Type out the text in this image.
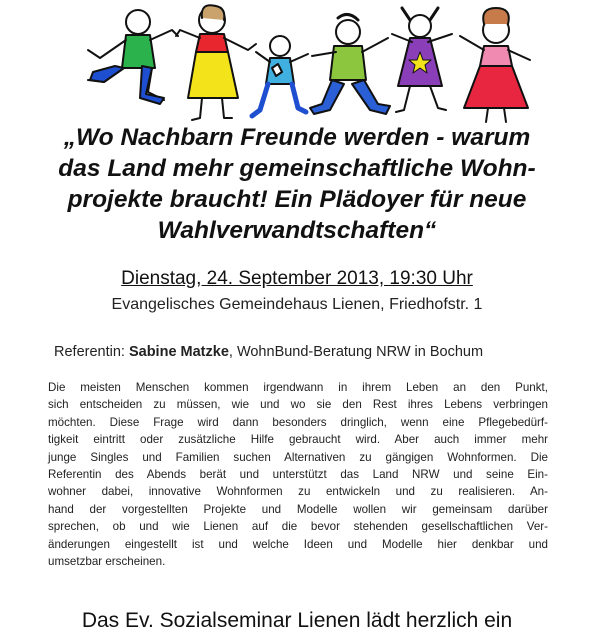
„Wo Nachbarn Freunde werden - warum
das Land mehr gemeinschaftliche Wohn-
projekte braucht! Ein Plädoyer für neue
Wahlverwandtschaften“
Dienstag, 24. September 2013, 19:30 Uhr
Evangelisches Gemeindehaus Lienen, Friedhofstr. 1
Referentin: Sabine Matzke, WohnBund-Beratung NRW in Bochum
Die meisten Menschen kommen irgendwann in ihrem Leben an den Punkt,
sich entscheiden zu müssen, wie und wo sie den Rest ihres Lebens verbringen
möchten. Diese Frage wird dann besonders dringlich, wenn eine Pflegebedürf-
tigkeit eintritt oder zusätzliche Hilfe gebraucht wird. Aber auch immer mehr
junge Singles und Familien suchen Alternativen zu gängigen Wohnformen. Die
Referentin des Abends berät und unterstützt das Land NRW und seine Ein-
wohner dabei, innovative Wohnformen zu entwickeln und zu realisieren. An-
hand der vorgestellten Projekte und Modelle wollen wir gemeinsam darüber
sprechen, ob und wie Lienen auf die bevor stehenden gesellschaftlichen Ver-
änderungen eingestellt ist und welche Ideen und Modelle hier denkbar und
umsetzbar erscheinen.
Das Ev. Sozialseminar Lienen lädt herzlich ein
